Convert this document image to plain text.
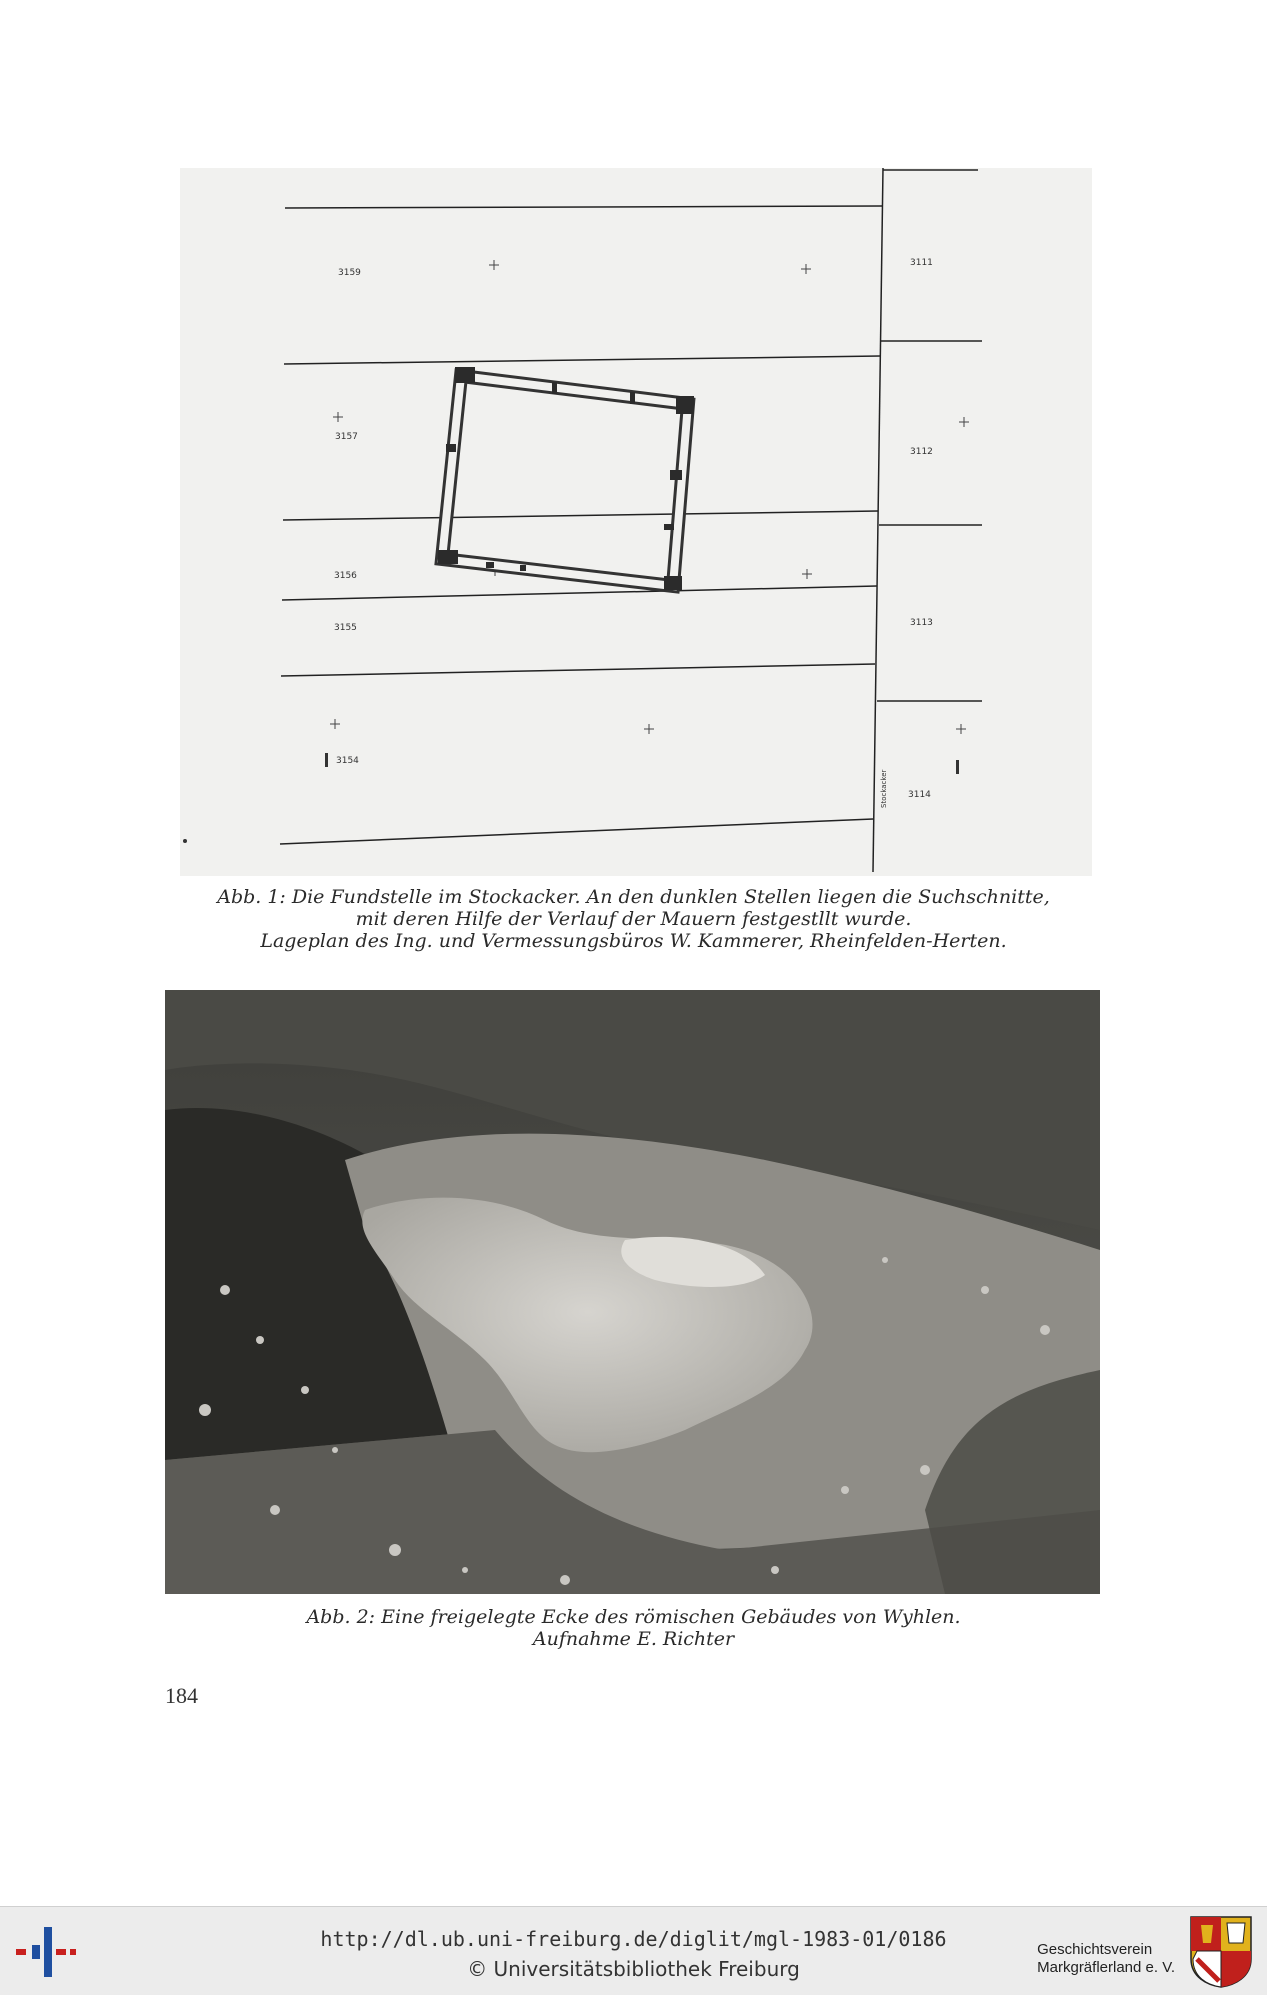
3159
3157
3156
3155
3154
3111
3112
3113
3114
Stockacker
Abb. 1: Die Fundstelle im Stockacker. An den dunklen Stellen liegen die Suchschnitte,
mit deren Hilfe der Verlauf der Mauern festgestllt wurde.
Lageplan des Ing. und Vermessungsbüros W. Kammerer, Rheinfelden-Herten.
Abb. 2: Eine freigelegte Ecke des römischen Gebäudes von Wyhlen.
Aufnahme E. Richter
184
http://dl.ub.uni-freiburg.de/diglit/mgl-1983-01/0186
© Universitätsbibliothek Freiburg
Geschichtsverein
Markgräflerland e. V.
